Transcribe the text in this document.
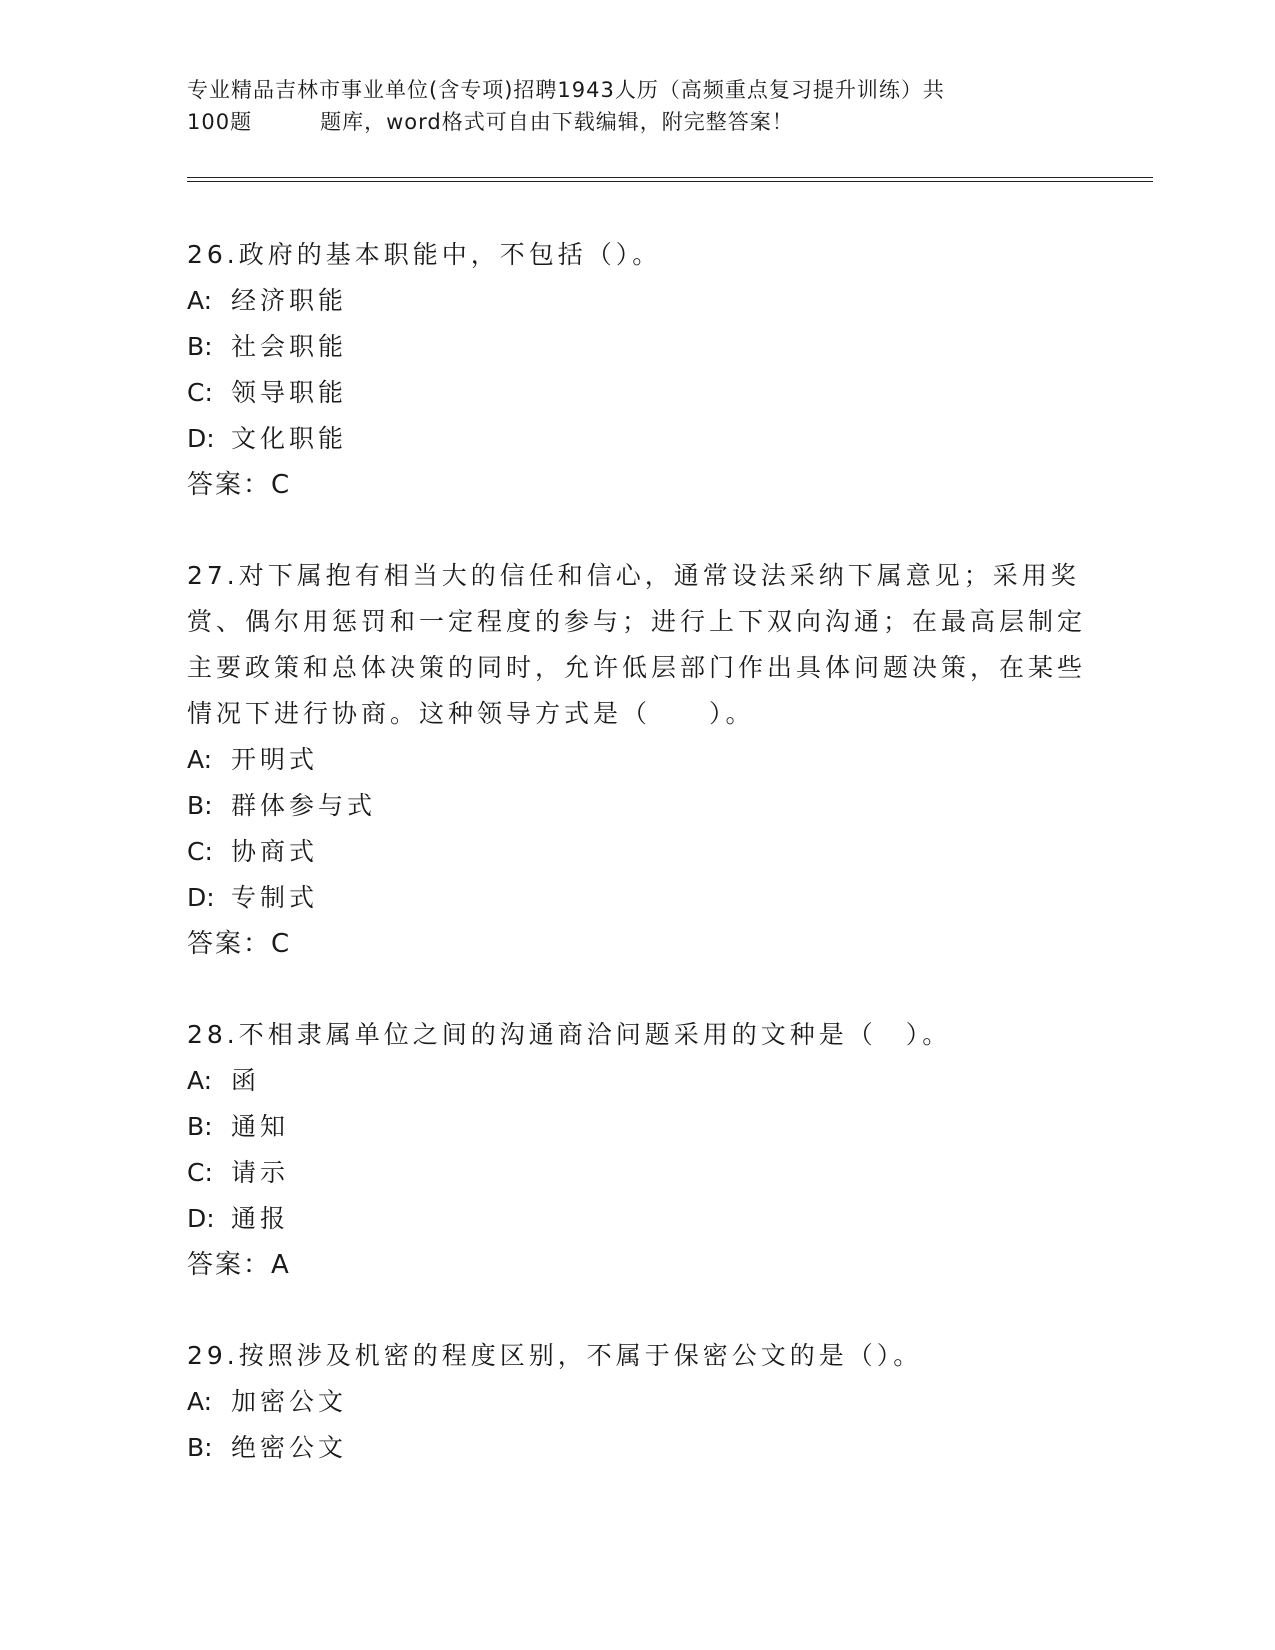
专业精品吉林市事业单位(含专项)招聘1943人历（高频重点复习提升训练）共
100题	题库，word格式可自由下载编辑，附完整答案！

26.政府的基本职能中，不包括（）。

A: 经济职能

B: 社会职能

C: 领导职能

D: 文化职能

答案：C

27.对下属抱有相当大的信任和信心，通常设法采纳下属意见；采用奖赏、偶尔用惩罚和一定程度的参与；进行上下双向沟通；在最高层制定主要政策和总体决策的同时，允许低层部门作出具体问题决策，在某些情况下进行协商。这种领导方式是（　　）。

A: 开明式

B: 群体参与式

C: 协商式

D: 专制式

答案：C

28.不相隶属单位之间的沟通商洽问题采用的文种是（　）。

A: 函

B: 通知

C: 请示

D: 通报

答案：A

29.按照涉及机密的程度区别，不属于保密公文的是（）。

A: 加密公文

B: 绝密公文
